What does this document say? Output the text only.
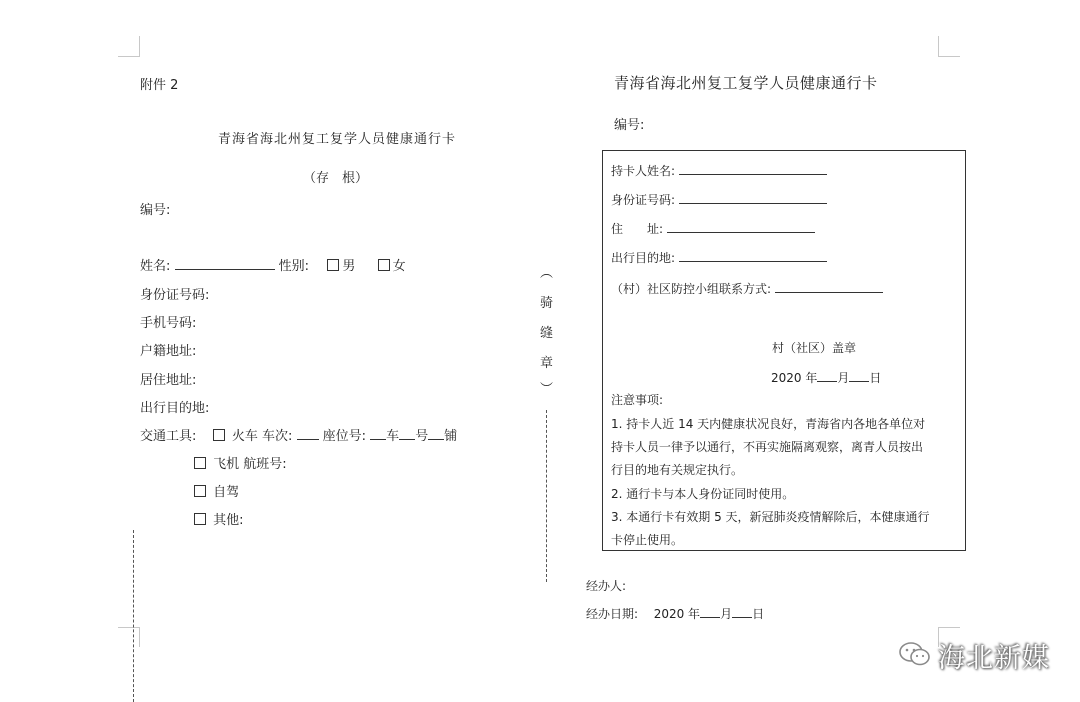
附件 2
青海省海北州复工复学人员健康通行卡
（存　根）
编号:
姓名:	性别:	男	女
身份证号码:
手机号码:
户籍地址:
居住地址:
出行目的地:
交通工具:	火车 车次: 座位号: 车 号 铺
飞机 航班号:
自驾
其他:
︵
骑
缝
章
︶
青海省海北州复工复学人员健康通行卡
编号:
持卡人姓名:
身份证号码:
住 址:
出行目的地:
（村）社区防控小组联系方式:
村（社区）盖章
2020 年 月 日
注意事项:
1. 持卡人近 14 天内健康状况良好，青海省内各地各单位对
持卡人员一律予以通行，不再实施隔离观察，离青人员按出
行目的地有关规定执行。
2. 通行卡与本人身份证同时使用。
3. 本通行卡有效期 5 天，新冠肺炎疫情解除后，本健康通行
卡停止使用。
经办人:
经办日期: 2020 年 月 日
海北新媒
